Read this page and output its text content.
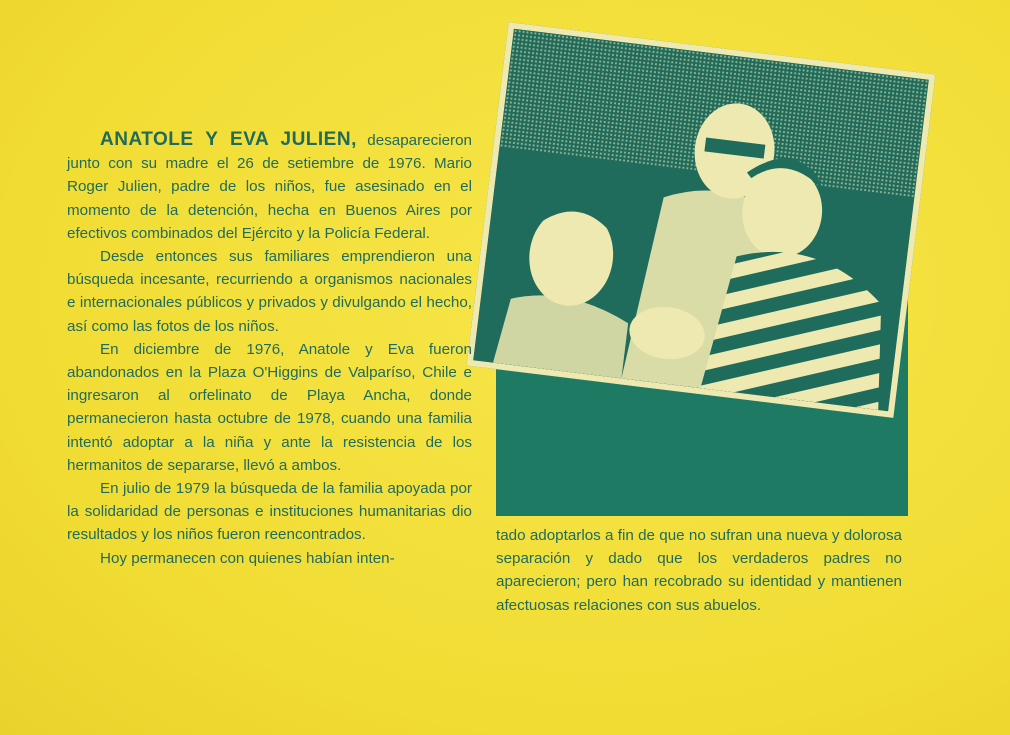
ANATOLE Y EVA JULIEN, desaparecieron junto con su madre el 26 de setiembre de 1976. Mario Roger Julien, padre de los niños, fue asesinado en el momento de la detención, hecha en Buenos Aires por efectivos combinados del Ejército y la Policía Federal.

Desde entonces sus familiares emprendieron una búsqueda incesante, recurriendo a organismos nacionales e internacionales públicos y privados y divulgando el hecho, así como las fotos de los niños.

En diciembre de 1976, Anatole y Eva fueron abandonados en la Plaza O'Higgins de Valparíso, Chile e ingresaron al orfelinato de Playa Ancha, donde permanecieron hasta octubre de 1978, cuando una familia intentó adoptar a la niña y ante la resistencia de los hermanitos de separarse, llevó a ambos.

En julio de 1979 la búsqueda de la familia apoyada por la solidaridad de personas e instituciones humanitarias dio resultados y los niños fueron reencontrados.

Hoy permanecen con quienes habían inten-

tado adoptarlos a fin de que no sufran una nueva y dolorosa separación y dado que los verdaderos padres no aparecieron; pero han recobrado su identidad y mantienen afectuosas relaciones con sus abuelos.
